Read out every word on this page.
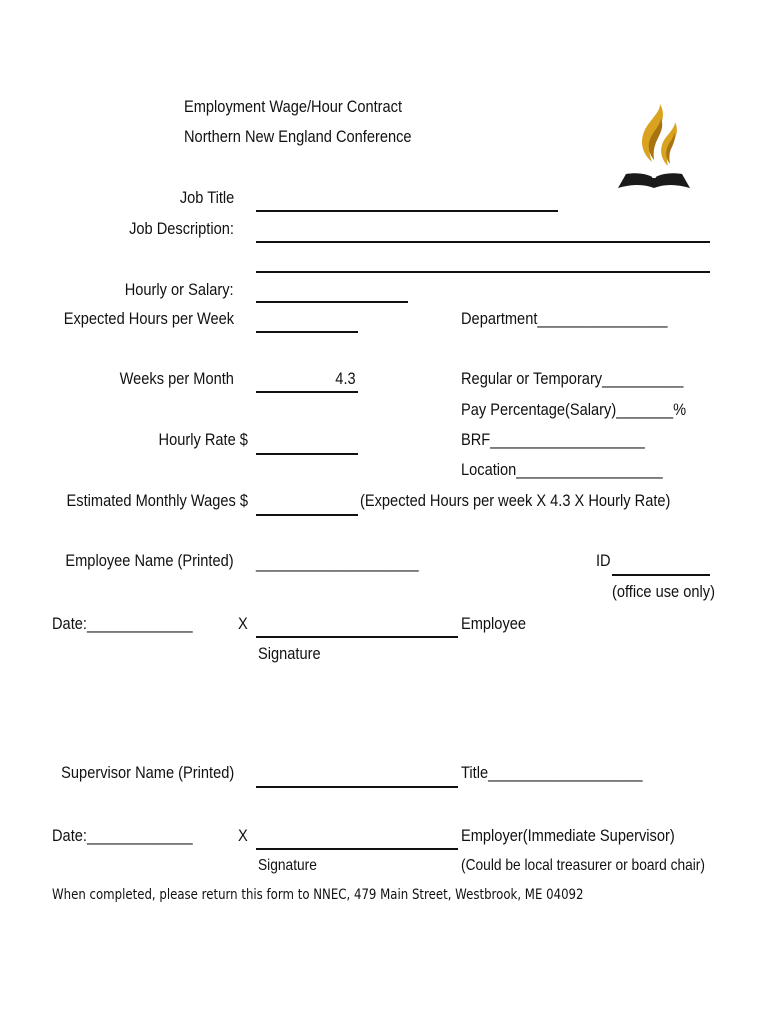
Employment Wage/Hour Contract
Northern New England Conference
Job Title
Job Description:
Hourly or Salary:
Expected Hours per Week	Department________________
Weeks per Month	4.3	Regular or Temporary__________
Pay Percentage(Salary)_______%
Hourly Rate $	BRF___________________
Location__________________
Estimated Monthly Wages $	(Expected Hours per week X 4.3 X Hourly Rate)
Employee Name (Printed) ____________________	ID
(office use only)
Date:_____________	X	Employee
Signature
Supervisor Name (Printed)	Title___________________
Date:_____________	X	Employer(Immediate Supervisor)
Signature	(Could be local treasurer or board chair)
When completed, please return this form to NNEC, 479 Main Street, Westbrook, ME 04092
